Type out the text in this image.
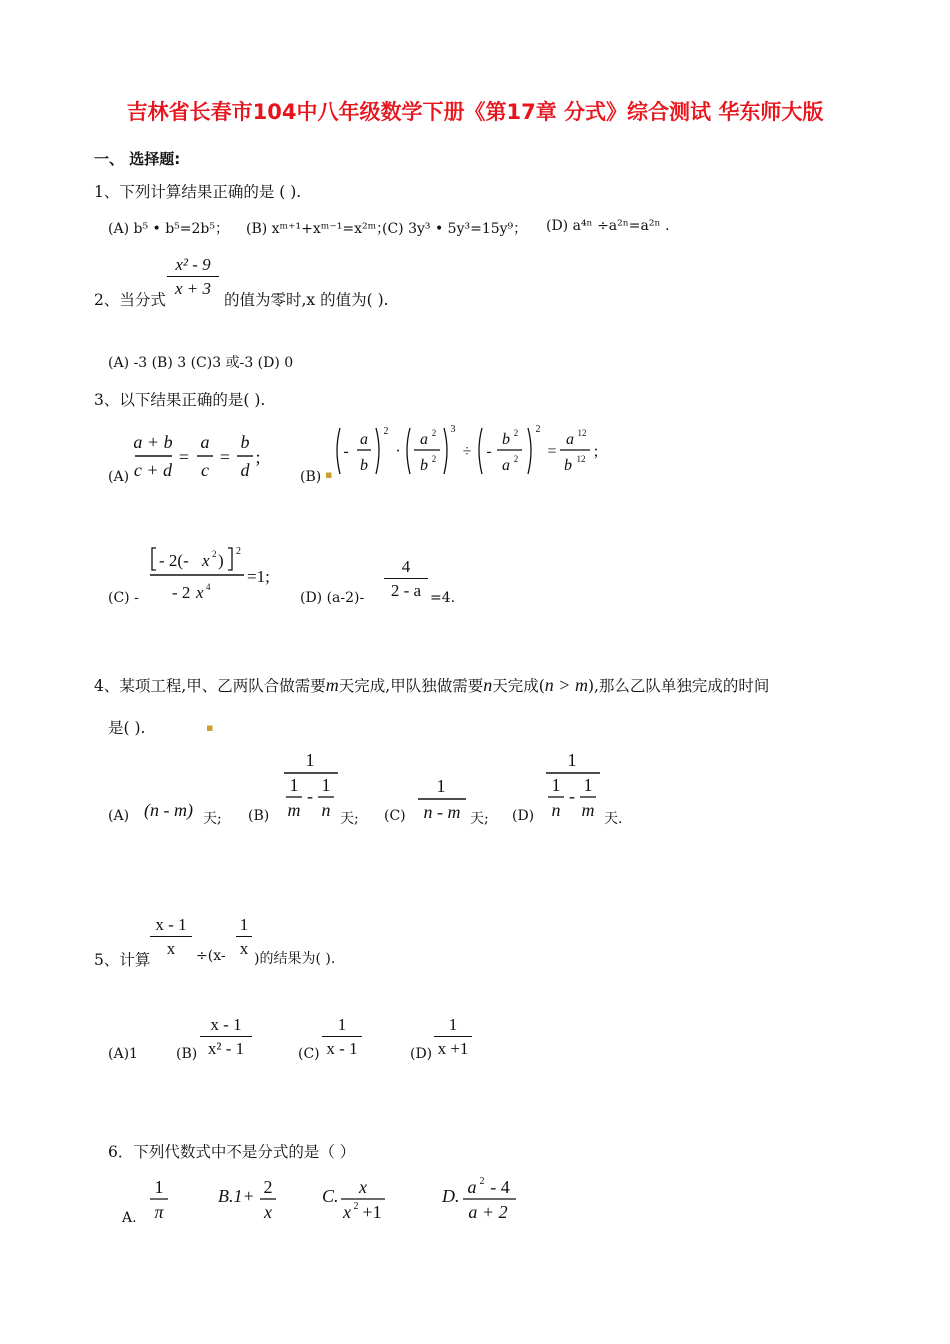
吉林省长春市104中八年级数学下册《第17章 分式》综合测试 华东师大版
一、 选择题:
1、下列计算结果正确的是 ( ).
(A) b⁵ • b⁵=2b⁵； (B) xᵐ⁺¹+xᵐ⁻¹=x²ᵐ；
(C) 3y³ • 5y³=15y⁹； (D) a⁴ⁿ ÷a²ⁿ=a²ⁿ .
2、当分式
x² - 9
x + 3
的值为零时,x 的值为( ).
(A) -3 (B) 3 (C)3 或-3 (D) 0
3、以下结果正确的是( ).
(A)
a + b
c + d
=
a
c
=
b
d
;
(B) ▪
-
a
b
2
·
a 2
b 2
3
÷ -
b 2
a 2
2
=
a 12
b 12 ;
(C) -
- 2(- x 2 ) 2
- 2 x 4
=1;
(D) (a-2)-
4
2 - a =4.
4、某项工程,甲、乙两队合做需要m天完成,甲队独做需要n天完成(n > m),那么乙队单独完成的时间
是( ).	▪
(A) (n - m) 天; (B)
1
1
m
-
1
n 天; (C)
1
n - m 天; (D)
1
1
n
-
1
m 天.
5、计算
x - 1
x	÷(x-
1
x
)的结果为( ).
(A)1	(B)
x - 1
x² - 1	(C)
1
x - 1	(D)
1
x +1
6．下列代数式中不是分式的是（ ）
A.
1
π
B.1+ 2
x
C. x
x 2 +1
D. a 2 - 4
a + 2
